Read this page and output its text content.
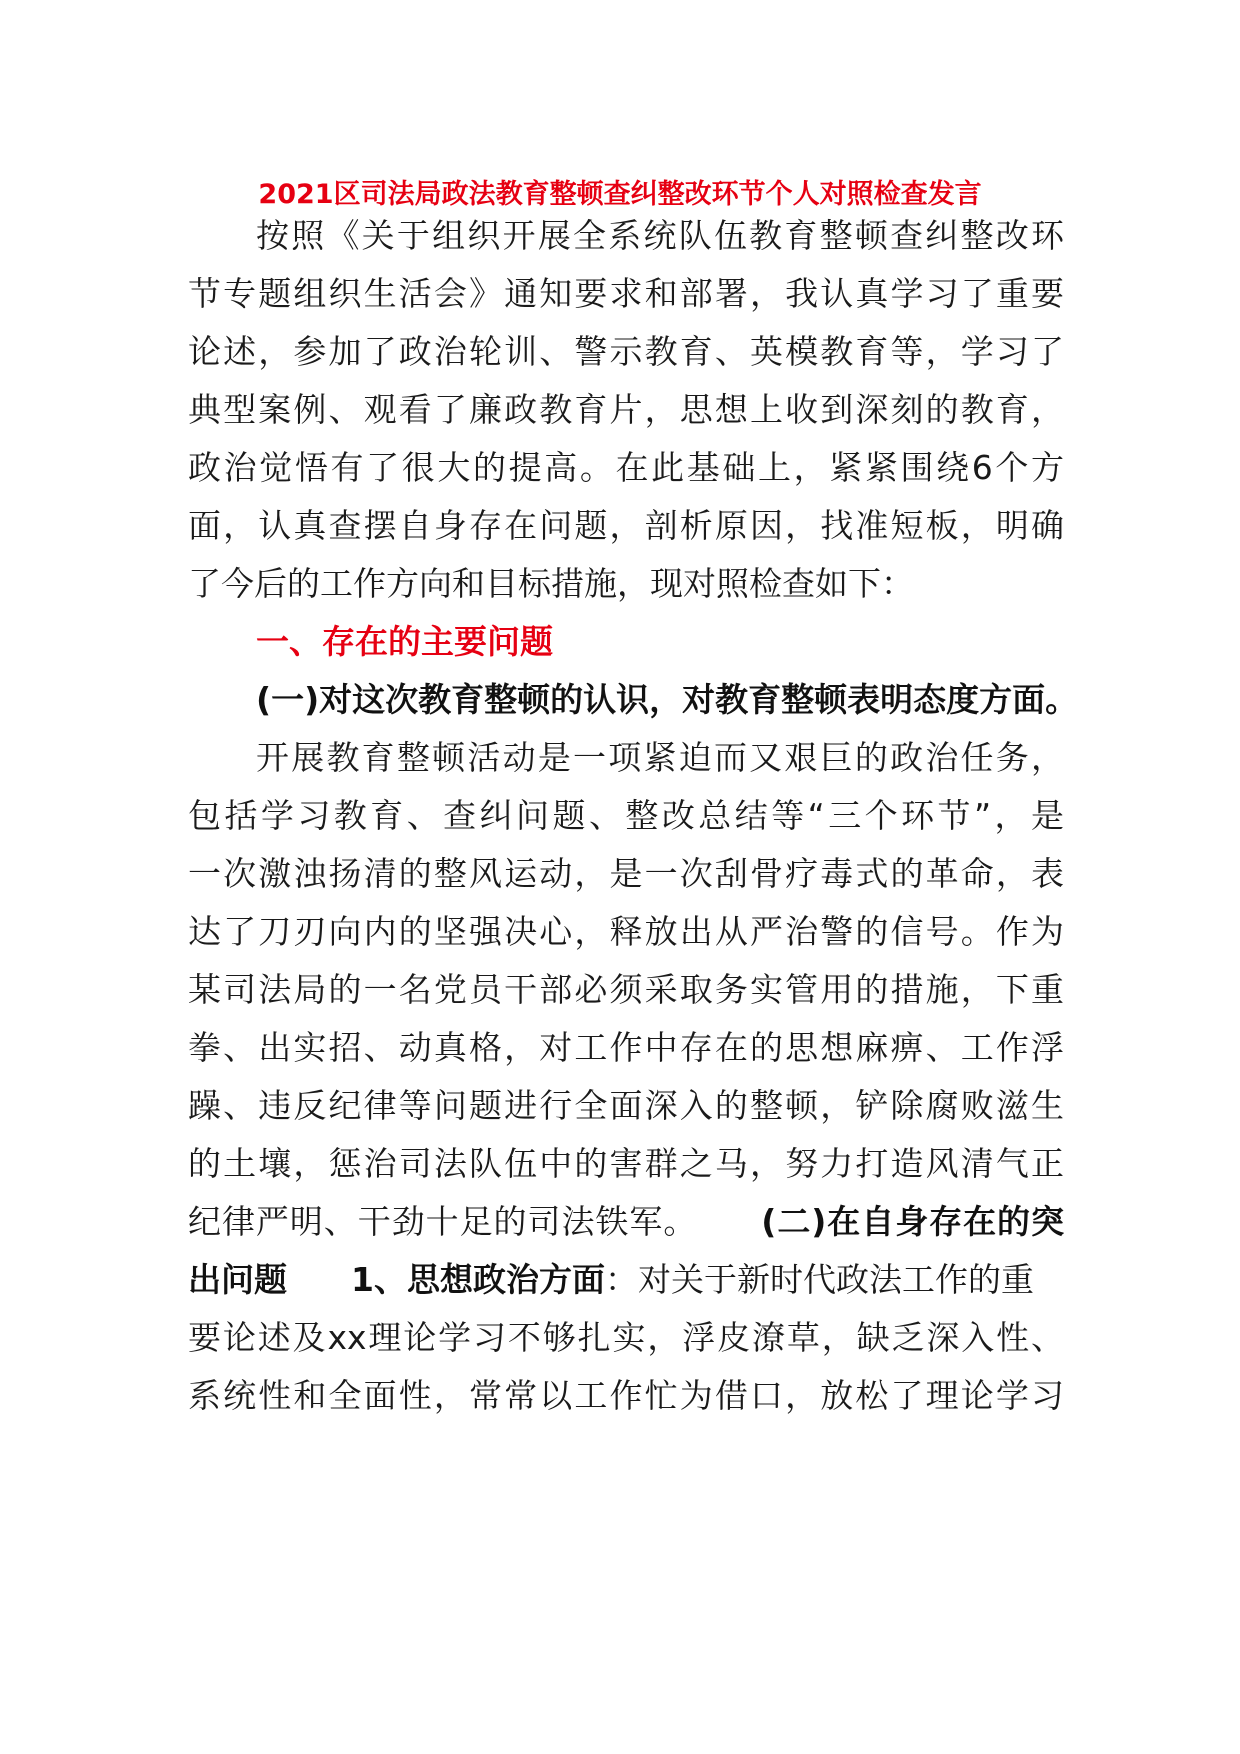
2021区司法局政法教育整顿查纠整改环节个人对照检查发言
按照《关于组织开展全系统队伍教育整顿查纠整改环
节专题组织生活会》通知要求和部署，我认真学习了重要
论述，参加了政治轮训、警示教育、英模教育等，学习了
典型案例、观看了廉政教育片，思想上收到深刻的教育，
政治觉悟有了很大的提高。在此基础上，紧紧围绕6个方
面，认真查摆自身存在问题，剖析原因，找准短板，明确
了今后的工作方向和目标措施，现对照检查如下：
一、存在的主要问题
(一)对这次教育整顿的认识，对教育整顿表明态度方面。
开展教育整顿活动是一项紧迫而又艰巨的政治任务，
包括学习教育、查纠问题、整改总结等“三个环节”，是
一次激浊扬清的整风运动，是一次刮骨疗毒式的革命，表
达了刀刃向内的坚强决心，释放出从严治警的信号。作为
某司法局的一名党员干部必须采取务实管用的措施，下重
拳、出实招、动真格，对工作中存在的思想麻痹、工作浮
躁、违反纪律等问题进行全面深入的整顿，铲除腐败滋生
的土壤，惩治司法队伍中的害群之马，努力打造风清气正
纪律严明、干劲十足的司法铁军。 (二)在自身存在的突
出问题 1、思想政治方面：对关于新时代政法工作的重
要论述及xx理论学习不够扎实，浮皮潦草，缺乏深入性、
系统性和全面性，常常以工作忙为借口，放松了理论学习
